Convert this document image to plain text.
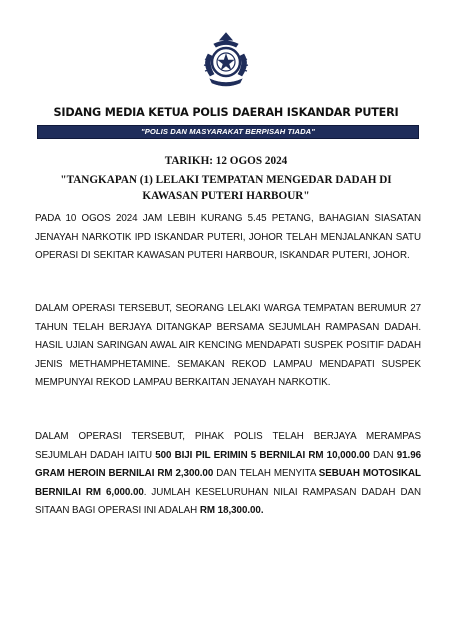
SIDANG MEDIA KETUA POLIS DAERAH ISKANDAR PUTERI
"POLIS DAN MASYARAKAT BERPISAH TIADA"
TARIKH: 12 OGOS 2024
"TANGKAPAN (1) LELAKI TEMPATAN MENGEDAR DADAH DI
KAWASAN PUTERI HARBOUR"
PADA 10 OGOS 2024 JAM LEBIH KURANG 5.45 PETANG, BAHAGIAN SIASATAN JENAYAH NARKOTIK IPD ISKANDAR PUTERI, JOHOR TELAH MENJALANKAN SATU OPERASI DI SEKITAR KAWASAN PUTERI HARBOUR, ISKANDAR PUTERI, JOHOR.
DALAM OPERASI TERSEBUT, SEORANG LELAKI WARGA TEMPATAN BERUMUR 27 TAHUN TELAH BERJAYA DITANGKAP BERSAMA SEJUMLAH RAMPASAN DADAH. HASIL UJIAN SARINGAN AWAL AIR KENCING MENDAPATI SUSPEK POSITIF DADAH JENIS METHAMPHETAMINE. SEMAKAN REKOD LAMPAU MENDAPATI SUSPEK MEMPUNYAI REKOD LAMPAU BERKAITAN JENAYAH NARKOTIK.
DALAM OPERASI TERSEBUT, PIHAK POLIS TELAH BERJAYA MERAMPAS SEJUMLAH DADAH IAITU 500 BIJI PIL ERIMIN 5 BERNILAI RM 10,000.00 DAN 91.96 GRAM HEROIN BERNILAI RM 2,300.00 DAN TELAH MENYITA SEBUAH MOTOSIKAL BERNILAI RM 6,000.00. JUMLAH KESELURUHAN NILAI RAMPASAN DADAH DAN SITAAN BAGI OPERASI INI ADALAH RM 18,300.00.
